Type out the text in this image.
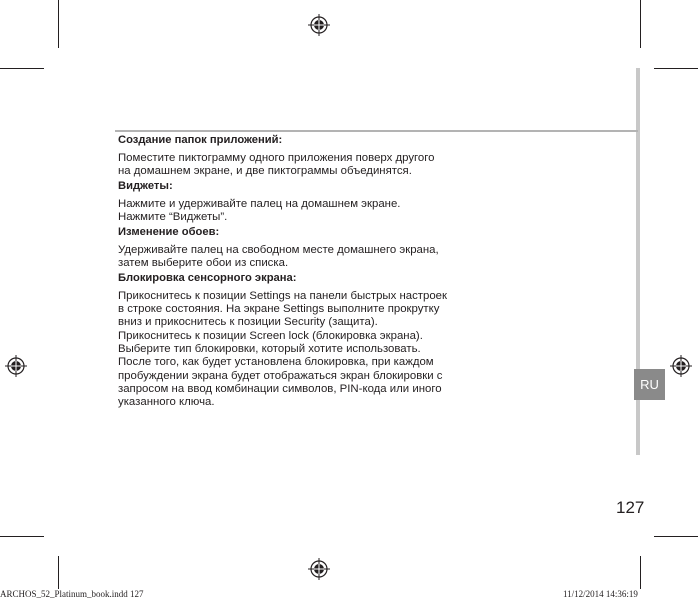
RU

Создание папок приложений:

Поместите пиктограмму одного приложения поверх другого на домашнем экране, и две пиктограммы объединятся.

Виджеты:

Нажмите и удерживайте палец на домашнем экране. Нажмите “Виджеты”.

Изменение обоев:

Удерживайте палец на свободном месте домашнего экрана, затем выберите обои из списка.

Блокировка сенсорного экрана:

Прикоснитесь к позиции Settings на панели быстрых настроек в строке состояния. На экране Settings выполните прокрутку вниз и прикоснитесь к позиции Security (защита). Прикоснитесь к позиции Screen lock (блокировка экрана). Выберите тип блокировки, который хотите использовать. После того, как будет установлена блокировка, при каждом пробуждении экрана будет отображаться экран блокировки с запросом на ввод комбинации символов, PIN-кода или иного указанного ключа.

127
ARCHOS_52_Platinum_book.indd 127	11/12/2014 14:36:19
